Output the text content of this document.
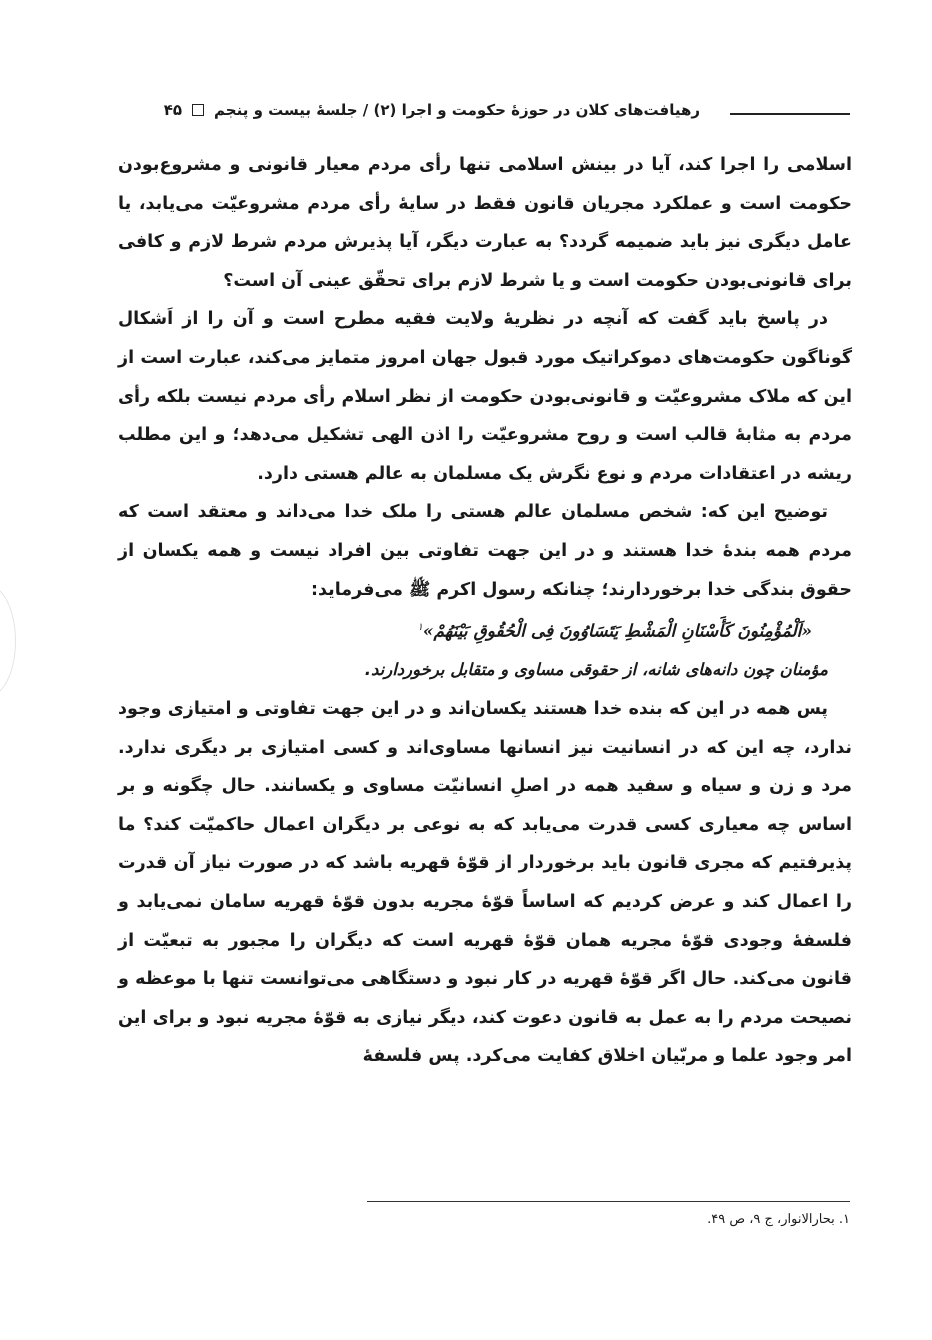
رهیافت‌های کلان در حوزهٔ حکومت و اجرا (۲) / جلسهٔ بیست و پنجم
۴۵

اسلامی را اجرا کند، آیا در بینش اسلامی تنها رأی مردم معیار قانونی و مشروع‌بودن حکومت است و عملکرد مجریان قانون فقط در سایهٔ رأی مردم مشروعیّت می‌یابد، یا عامل دیگری نیز باید ضمیمه گردد؟ به عبارت دیگر، آیا پذیرش مردم شرط لازم و کافی برای قانونی‌بودن حکومت است و یا شرط لازم برای تحقّق عینی آن است؟

در پاسخ باید گفت که آنچه در نظریهٔ ولایت فقیه مطرح است و آن را از اَشکال گوناگون حکومت‌های دموکراتیک مورد قبول جهان امروز متمایز می‌کند، عبارت است از این که ملاک مشروعیّت و قانونی‌بودن حکومت از نظر اسلام رأی مردم نیست بلکه رأی مردم به مثابهٔ قالب است و روح مشروعیّت را اذن الهی تشکیل می‌دهد؛ و این مطلب ریشه در اعتقادات مردم و نوع نگرش یک مسلمان به عالم هستی دارد.

توضیح این که: شخص مسلمان عالم هستی را ملک خدا می‌داند و معتقد است که مردم همه بندهٔ خدا هستند و در این جهت تفاوتی بین افراد نیست و همه یکسان از حقوق بندگی خدا برخوردارند؛ چنانکه رسول اکرم ﷺ می‌فرماید:

«اَلْمُؤْمِنُونَ کَأَسْنَانِ الْمَشْطِ یَتَسَاوُونَ فِی الْحُقُوقِ بَیْنَهُمْ»$^۱$

مؤمنان چون دانه‌های شانه، از حقوقی مساوی و متقابل برخوردارند.

پس همه در این که بنده خدا هستند یکسان‌اند و در این جهت تفاوتی و امتیازی وجود ندارد، چه این که در انسانیت نیز انسانها مساوی‌اند و کسی امتیازی بر دیگری ندارد. مرد و زن و سیاه و سفید همه در اصلِ انسانیّت مساوی و یکسانند. حال چگونه و بر اساس چه معیاری کسی قدرت می‌یابد که به نوعی بر دیگران اعمال حاکمیّت کند؟ ما پذیرفتیم که مجری قانون باید برخوردار از قوّهٔ قهریه باشد که در صورت نیاز آن قدرت را اعمال کند و عرض کردیم که اساساً قوّهٔ مجریه بدون قوّهٔ قهریه سامان نمی‌یابد و فلسفهٔ وجودی قوّهٔ مجریه همان قوّهٔ قهریه است که دیگران را مجبور به تبعیّت از قانون می‌کند. حال اگر قوّهٔ قهریه در کار نبود و دستگاهی می‌توانست تنها با موعظه و نصیحت مردم را به عمل به قانون دعوت کند، دیگر نیازی به قوّهٔ مجریه نبود و برای این امر وجود علما و مربّیان اخلاق کفایت می‌کرد. پس فلسفهٔ

۱. بحارالانوار، ج ۹، ص ۴۹.
